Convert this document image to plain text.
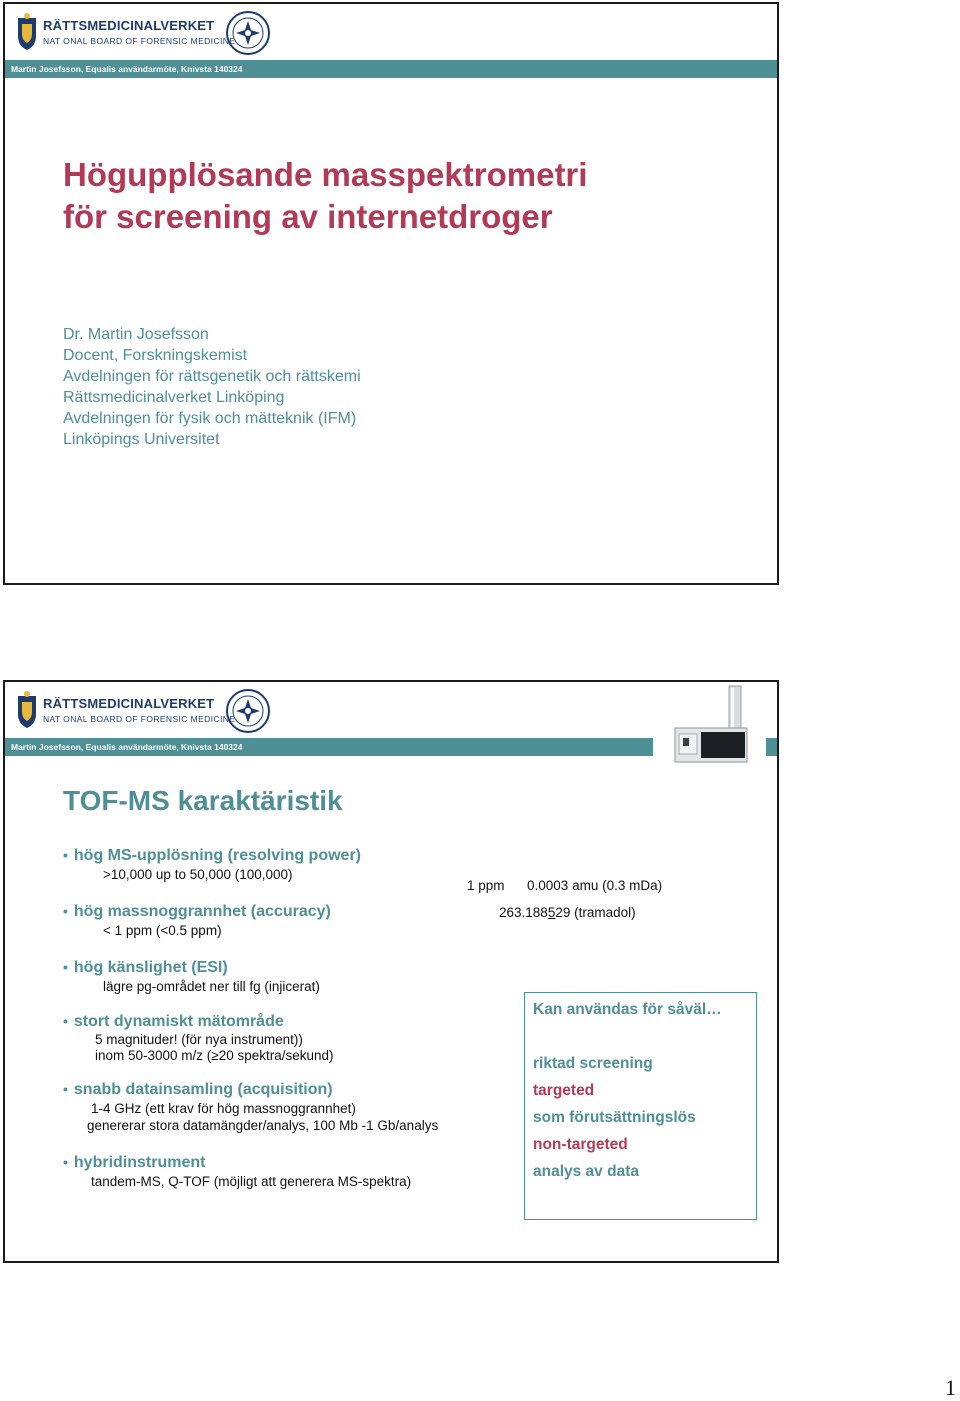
RÄTTSMEDICINALVERKET
NAT ONAL BOARD OF FORENSIC MEDICINE
Martin Josefsson, Equalis användarmöte, Knivsta 140324
Högupplösande masspektrometri
för screening av internetdroger
Dr. Martin Josefsson
Docent, Forskningskemist
Avdelningen för rättsgenetik och rättskemi
Rättsmedicinalverket Linköping
Avdelningen för fysik och mätteknik (IFM)
Linköpings Universitet
RÄTTSMEDICINALVERKET
NAT ONAL BOARD OF FORENSIC MEDICINE
Martin Josefsson, Equalis användarmöte, Knivsta 140324
TOF-MS karaktäristik
• hög MS-upplösning (resolving power)
>10,000 up to 50,000 (100,000)
• hög massnoggrannhet (accuracy)
< 1 ppm (<0.5 ppm)
• hög känslighet (ESI)
lägre pg-området ner till fg (injicerat)
• stort dynamiskt mätområde
5 magnituder! (för nya instrument))
inom 50-3000 m/z (≥20 spektra/sekund)
• snabb datainsamling (acquisition)
1-4 GHz (ett krav för hög massnoggrannhet)
genererar stora datamängder/analys, 100 Mb -1 Gb/analys
• hybridinstrument
tandem-MS, Q-TOF (möjligt att generera MS-spektra)
1 ppm      0.0003 amu (0.3 mDa)
263.188529 (tramadol)
Kan användas för såväl…
riktad screening
targeted
som förutsättningslös
non-targeted
analys av data
1
